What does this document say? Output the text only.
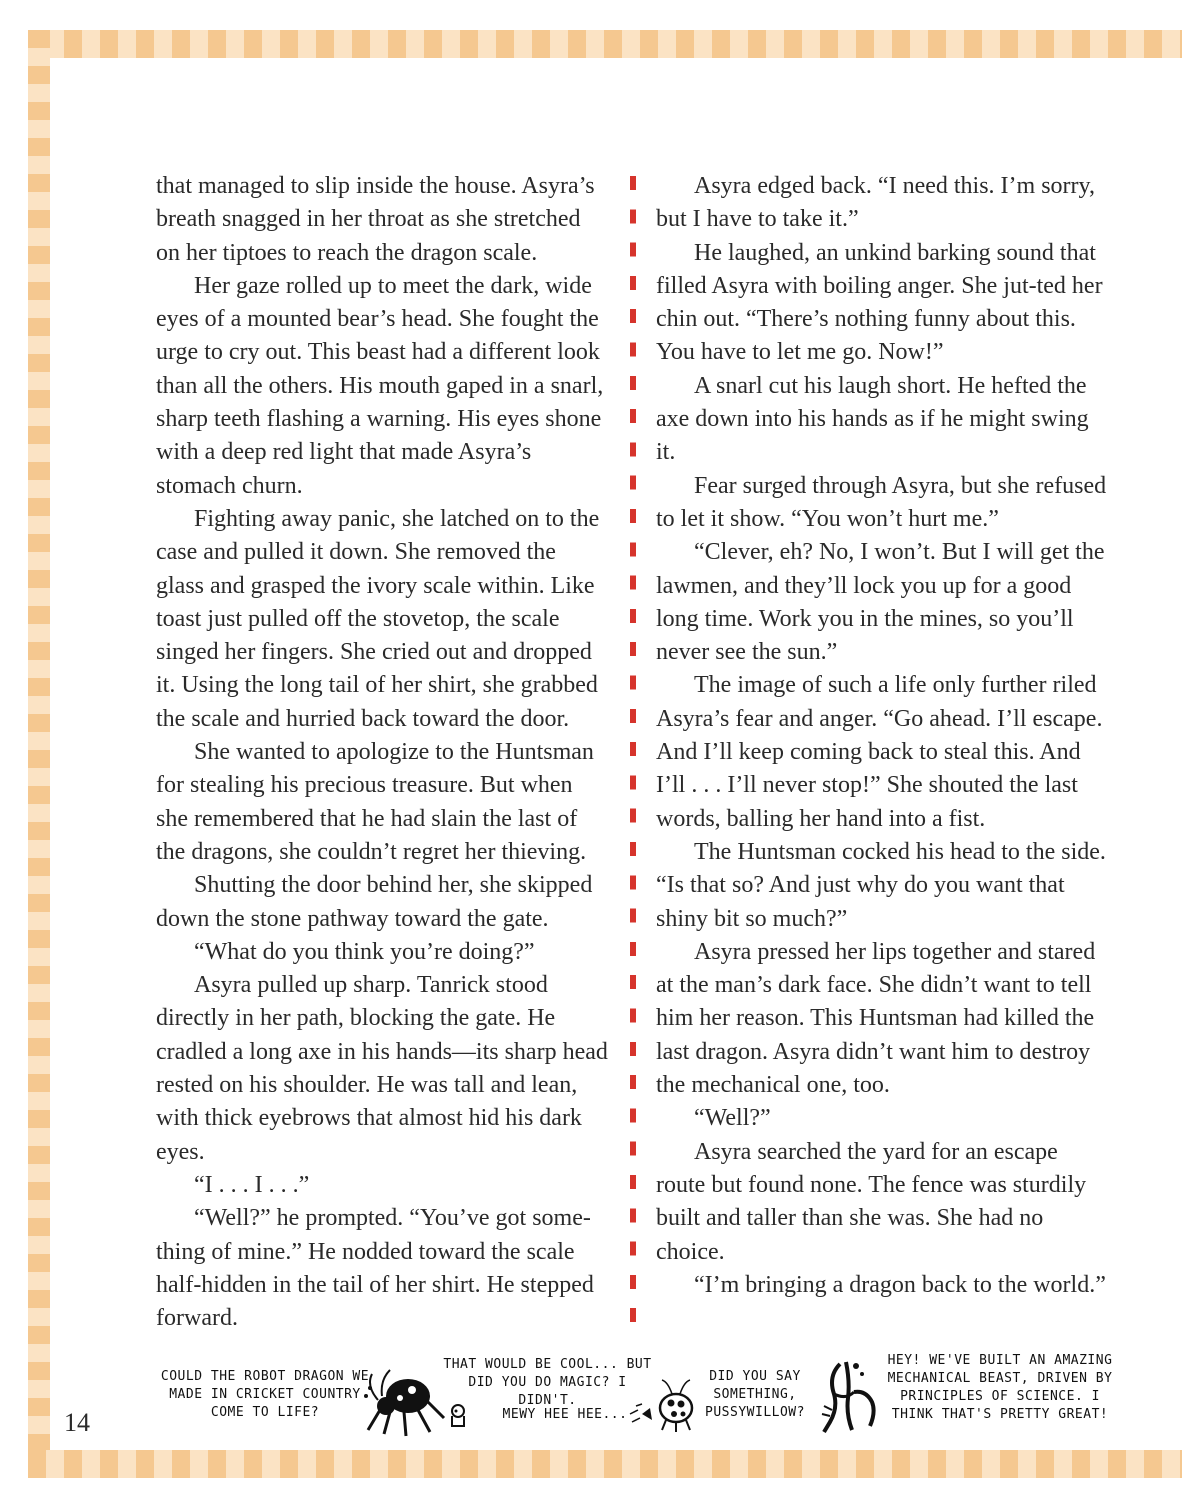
that managed to slip inside the house. Asyra’s breath snagged in her throat as she stretched on her tiptoes to reach the dragon scale.

Her gaze rolled up to meet the dark, wide eyes of a mounted bear’s head. She fought the urge to cry out. This beast had a different look than all the others. His mouth gaped in a snarl, sharp teeth flashing a warning. His eyes shone with a deep red light that made Asyra’s stomach churn.

Fighting away panic, she latched on to the case and pulled it down. She removed the glass and grasped the ivory scale within. Like toast just pulled off the stovetop, the scale singed her fingers. She cried out and dropped it. Using the long tail of her shirt, she grabbed the scale and hurried back toward the door.

She wanted to apologize to the Huntsman for stealing his precious treasure. But when she remembered that he had slain the last of the dragons, she couldn’t regret her thieving.

Shutting the door behind her, she skipped down the stone pathway toward the gate.

“What do you think you’re doing?”

Asyra pulled up sharp. Tanrick stood directly in her path, blocking the gate. He cradled a long axe in his hands—its sharp head rested on his shoulder. He was tall and lean, with thick eyebrows that almost hid his dark eyes.

“I . . . I . . .”

“Well?” he prompted. “You’ve got some-thing of mine.” He nodded toward the scale half-hidden in the tail of her shirt. He stepped forward.

Asyra edged back. “I need this. I’m sorry, but I have to take it.”

He laughed, an unkind barking sound that filled Asyra with boiling anger. She jut-ted her chin out. “There’s nothing funny about this. You have to let me go. Now!”

A snarl cut his laugh short. He hefted the axe down into his hands as if he might swing it.

Fear surged through Asyra, but she refused to let it show. “You won’t hurt me.”

“Clever, eh? No, I won’t. But I will get the lawmen, and they’ll lock you up for a good long time. Work you in the mines, so you’ll never see the sun.”

The image of such a life only further riled Asyra’s fear and anger. “Go ahead. I’ll escape. And I’ll keep coming back to steal this. And I’ll . . . I’ll never stop!” She shouted the last words, balling her hand into a fist.

The Huntsman cocked his head to the side. “Is that so? And just why do you want that shiny bit so much?”

Asyra pressed her lips together and stared at the man’s dark face. She didn’t want to tell him her reason. This Huntsman had killed the last dragon. Asyra didn’t want him to destroy the mechanical one, too.

“Well?”

Asyra searched the yard for an escape route but found none. The fence was sturdily built and taller than she was. She had no choice.

“I’m bringing a dragon back to the world.”

14
COULD THE ROBOT DRAGON WE MADE IN CRICKET COUNTRY COME TO LIFE?
THAT WOULD BE COOL... BUT DID YOU DO MAGIC? I DIDN'T.
MEWY HEE HEE...
DID YOU SAY SOMETHING, PUSSYWILLOW?
HEY! WE'VE BUILT AN AMAZING MECHANICAL BEAST, DRIVEN BY PRINCIPLES OF SCIENCE. I THINK THAT'S PRETTY GREAT!
